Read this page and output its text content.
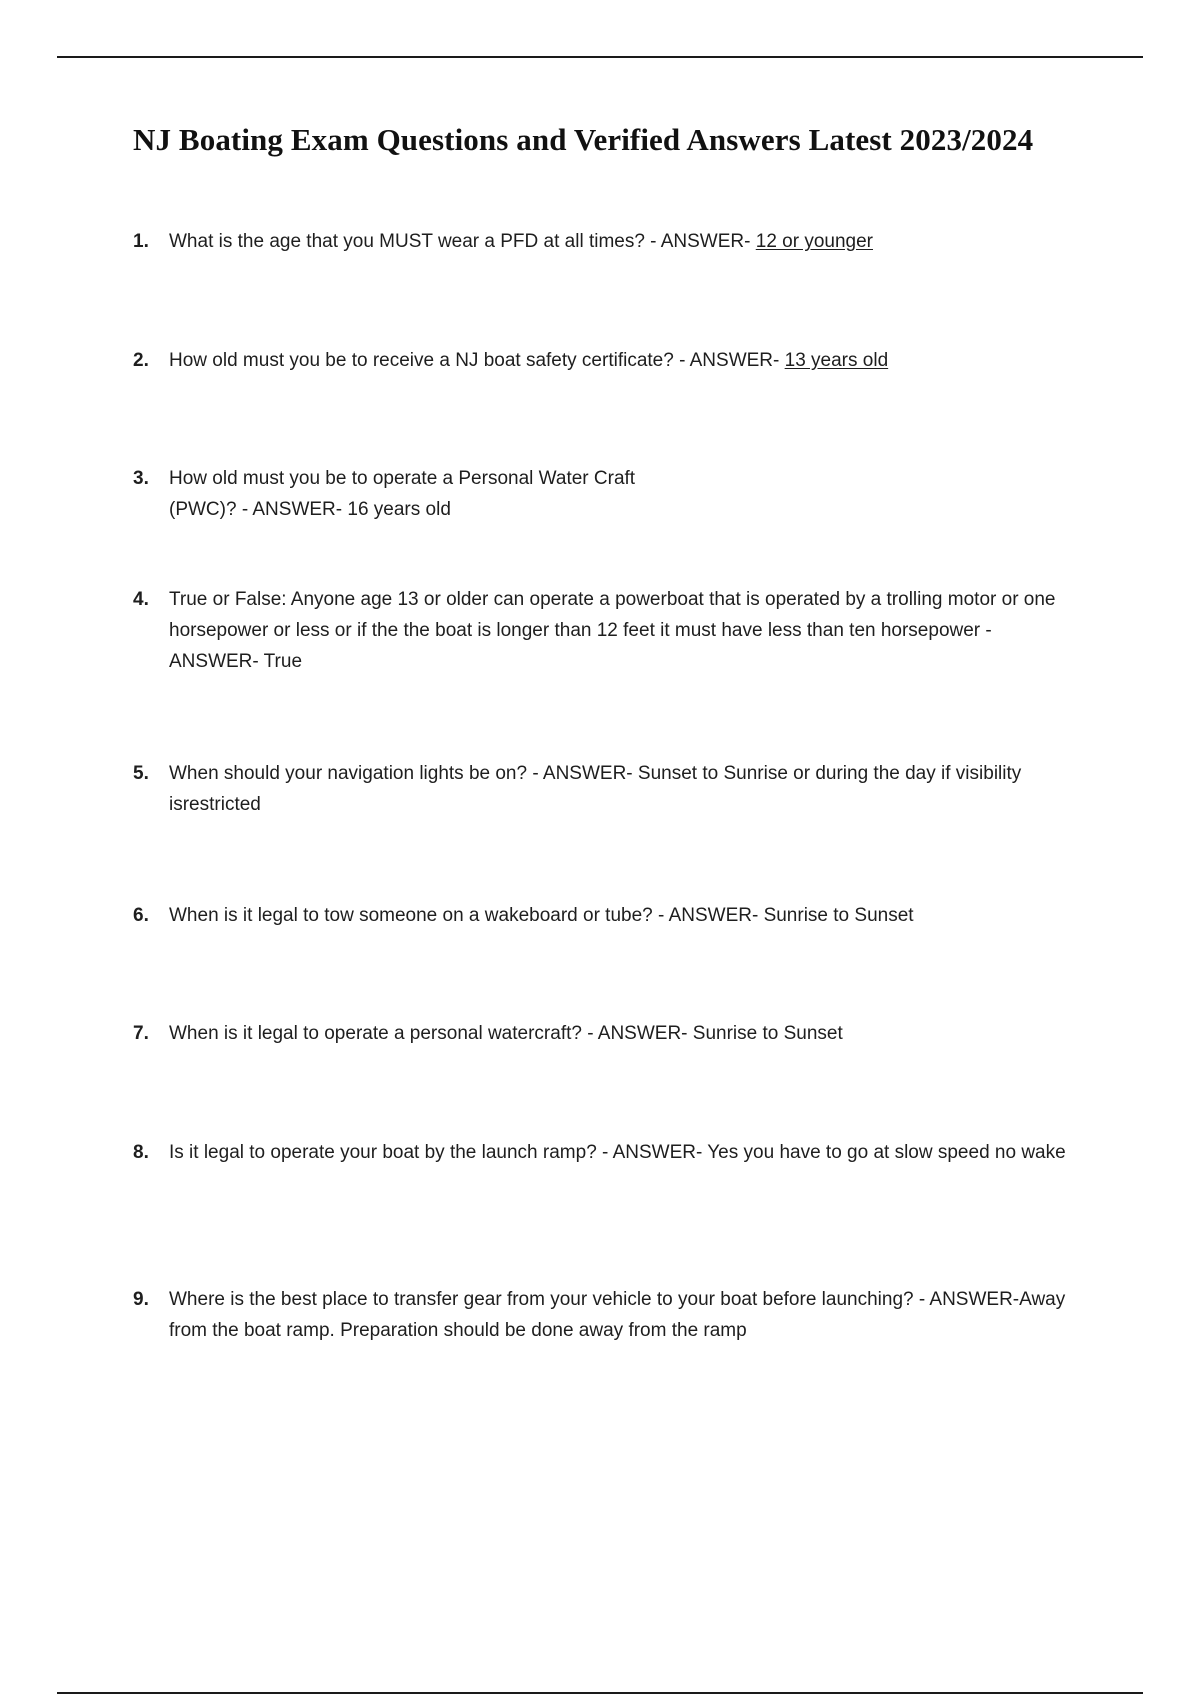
NJ Boating Exam Questions and Verified Answers Latest 2023/2024
1. What is the age that you MUST wear a PFD at all times? - ANSWER- 12 or younger
2. How old must you be to receive a NJ boat safety certificate? - ANSWER- 13 years old
3. How old must you be to operate a Personal Water Craft
(PWC)? - ANSWER- 16 years old
4. True or False: Anyone age 13 or older can operate a powerboat that is operated by a trolling motor or one horsepower or less or if the the boat is longer than 12 feet it must have less than ten horsepower -ANSWER- True
5. When should your navigation lights be on? - ANSWER- Sunset to Sunrise or during the day if visibility isrestricted
6. When is it legal to tow someone on a wakeboard or tube? - ANSWER- Sunrise to Sunset
7. When is it legal to operate a personal watercraft? - ANSWER- Sunrise to Sunset
8. Is it legal to operate your boat by the launch ramp? - ANSWER- Yes you have to go at slow speed no wake
9. Where is the best place to transfer gear from your vehicle to your boat before launching? - ANSWER-Away from the boat ramp. Preparation should be done away from the ramp
